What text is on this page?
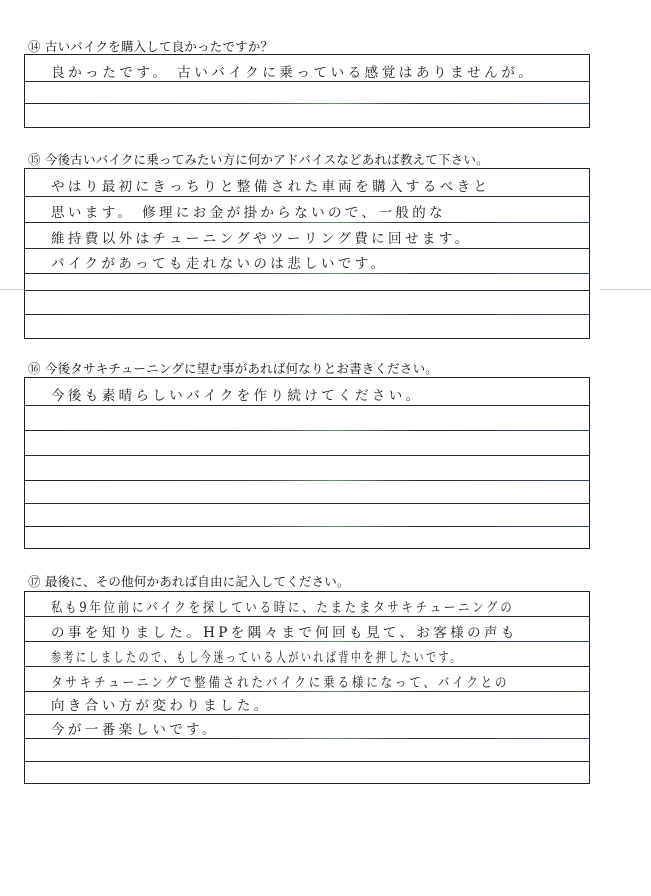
⑭ 古いバイクを購入して良かったですか？
良かったです。 古いバイクに乗っている感覚はありませんが。
⑮ 今後古いバイクに乗ってみたい方に何かアドバイスなどあれば教えて下さい。
やはり最初にきっちりと整備された車両を購入するべきと
思います。 修理にお金が掛からないので、一般的な
維持費以外はチューニングやツーリング費に回せます。
バイクがあっても走れないのは悲しいです。
⑯ 今後タサキチューニングに望む事があれば何なりとお書きください。
今後も素晴らしいバイクを作り続けてください。
⑰ 最後に、その他何かあれば自由に記入してください。
私も9年位前にバイクを探している時に、たまたまタサキチューニングの
の事を知りました。HPを隅々まで何回も見て、お客様の声も
参考にしましたので、もし今迷っている人がいれば背中を押したいです。
タサキチューニングで整備されたバイクに乗る様になって、バイクとの
向き合い方が変わりました。
今が一番楽しいです。
